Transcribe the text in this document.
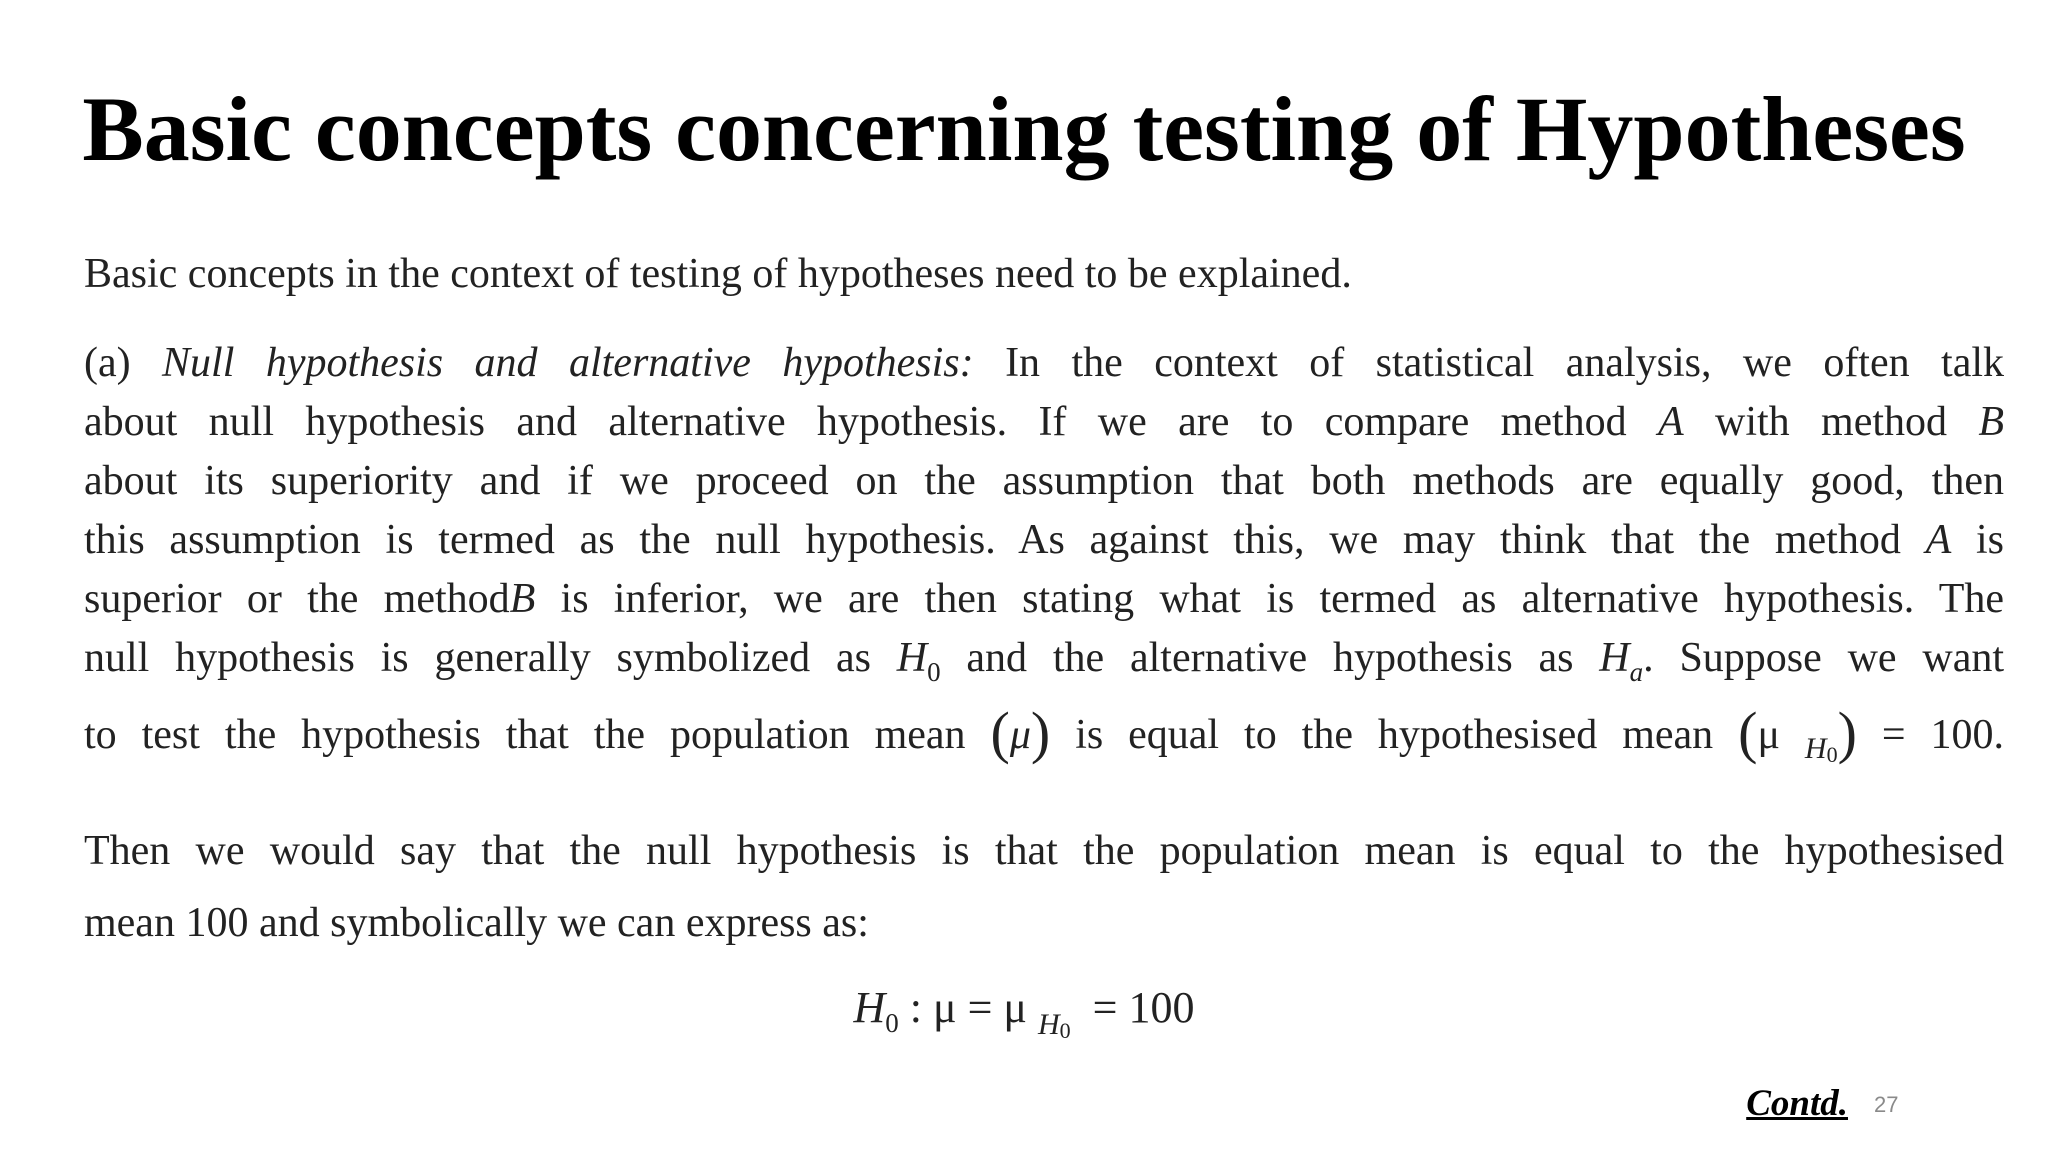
Basic concepts concerning testing of Hypotheses
Basic concepts in the context of testing of hypotheses need to be explained.
(a) Null hypothesis and alternative hypothesis: In the context of statistical analysis, we often talk
about null hypothesis and alternative hypothesis. If we are to compare method A with method B
about its superiority and if we proceed on the assumption that both methods are equally good, then
this assumption is termed as the null hypothesis. As against this, we may think that the method A is
superior or the methodB is inferior, we are then stating what is termed as alternative hypothesis. The
null hypothesis is generally symbolized as $H_0$ and the alternative hypothesis as $H_a$. Suppose we want
to test the hypothesis that the population mean (μ) is equal to the hypothesised mean (μ $_{H0}$) = 100.
Then we would say that the null hypothesis is that the population mean is equal to the hypothesised
mean 100 and symbolically we can express as:
$H_0$ : μ = μ $_{H0}$ = 100
Contd. 27
